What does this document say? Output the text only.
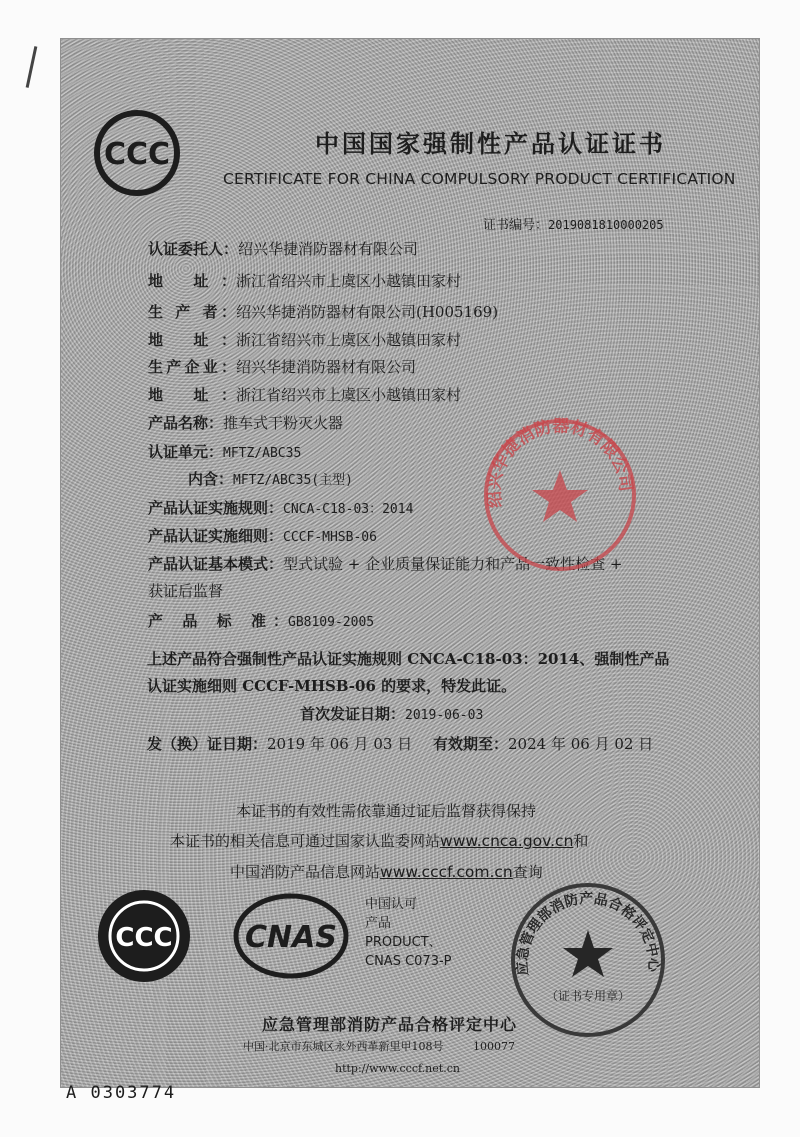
CCC	中国国家强制性产品认证证书
CERTIFICATE FOR CHINA COMPULSORY PRODUCT CERTIFICATION
证书编号：2019081810000205
认证委托人：绍兴华捷消防器材有限公司
地 址：浙江省绍兴市上虞区小越镇田家村
生 产 者：绍兴华捷消防器材有限公司(H005169)
地 址：浙江省绍兴市上虞区小越镇田家村
生产企业：绍兴华捷消防器材有限公司
地 址：浙江省绍兴市上虞区小越镇田家村
产品名称：推车式干粉灭火器
认证单元：MFTZ/ABC35
内含：MFTZ/ABC35(主型)
产品认证实施规则：CNCA-C18-03：2014
产品认证实施细则：CCCF-MHSB-06
产品认证基本模式：型式试验 + 企业质量保证能力和产品一致性检查 +
获证后监督
产 品 标 准：GB8109-2005
上述产品符合强制性产品认证实施规则 CNCA-C18-03：2014、强制性产品
认证实施细则 CCCF-MHSB-06 的要求，特发此证。
首次发证日期：2019-06-03
发（换）证日期：2019 年 06 月 03 日 有效期至：2024 年 06 月 02 日
绍兴华捷消防器材有限公司
本证书的有效性需依靠通过证后监督获得保持
本证书的相关信息可通过国家认监委网站www.cnca.gov.cn和
中国消防产品信息网站www.cccf.com.cn查询
CCC CNAS
中国认可
产品
PRODUCT、
CNAS C073-P	应急管理部消防产品合格评定中心
（证书专用章）
应急管理部消防产品合格评定中心
中国·北京市东城区永外西革新里甲108号	100077
http://www.cccf.net.cn
A 0303774
